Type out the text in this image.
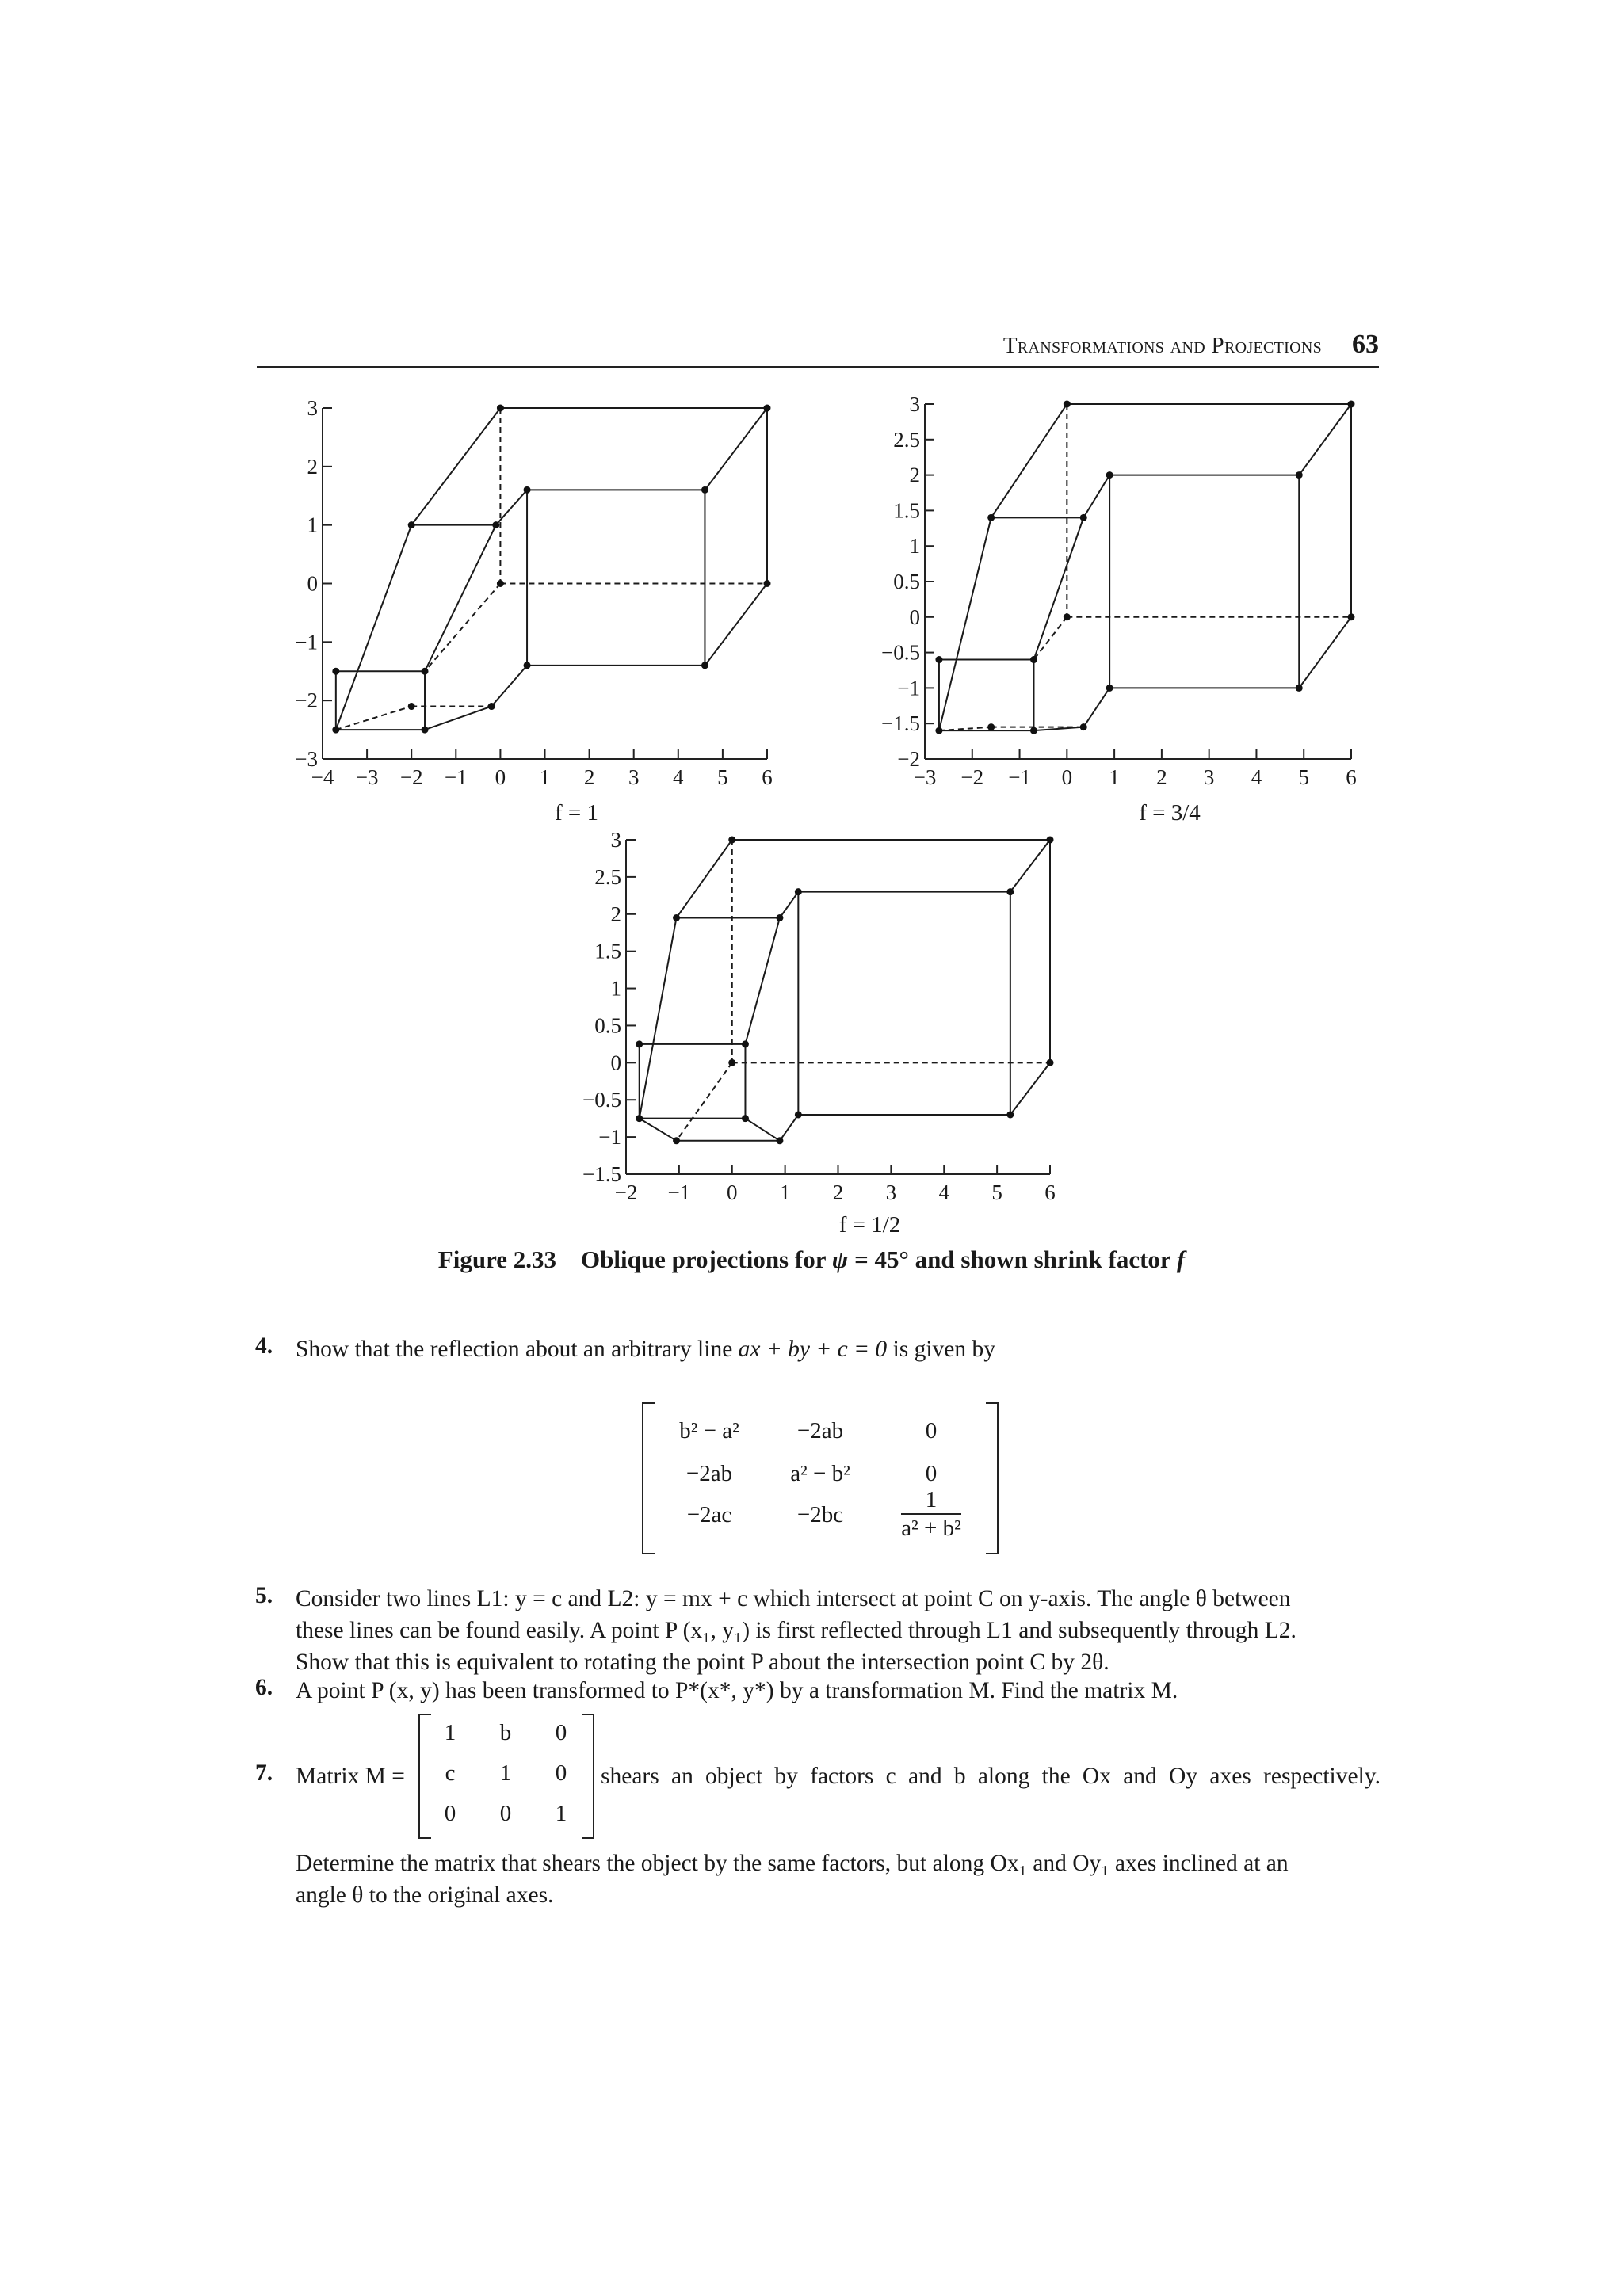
Transformations and Projections 63
−4 −3 −2 −1 0 1 2 3 4 5 6
−3
−2
−1
0
1
2
3
f = 1
−3 −2 −1 0 1 2 3 4 5 6
−2
−1.5
−1
−0.5
0
0.5
1
1.5
2
2.5
3
f = 3/4
−2 −1 0 1 2 3 4 5 6
−1.5
−1
−0.5
0
0.5
1
1.5
2
2.5
3
f = 1/2
Figure 2.33 Oblique projections for ψ = 45° and shown shrink factor f
4. Show that the reflection about an arbitrary line ax + by + c = 0 is given by
b² − a²	−2ab	0
−2ab	a² − b²	0
−2ac	−2bc	$\frac{1}{\text{a² + b²}}$
5. Consider two lines L1: y = c and L2: y = mx + c which intersect at point C on y-axis. The angle θ between
these lines can be found easily. A point P (x₁, y₁) is first reflected through L1 and subsequently through L2.
Show that this is equivalent to rotating the point P about the intersection point C by 2θ.
6. A point P (x, y) has been transformed to P*(x*, y*) by a transformation M. Find the matrix M.
7. Matrix M =
1	b	0
c	1	0
0	0	1
shears an object by factors c and b along the Ox and Oy axes respectively.
Determine the matrix that shears the object by the same factors, but along Ox₁ and Oy₁ axes inclined at an
angle θ to the original axes.
